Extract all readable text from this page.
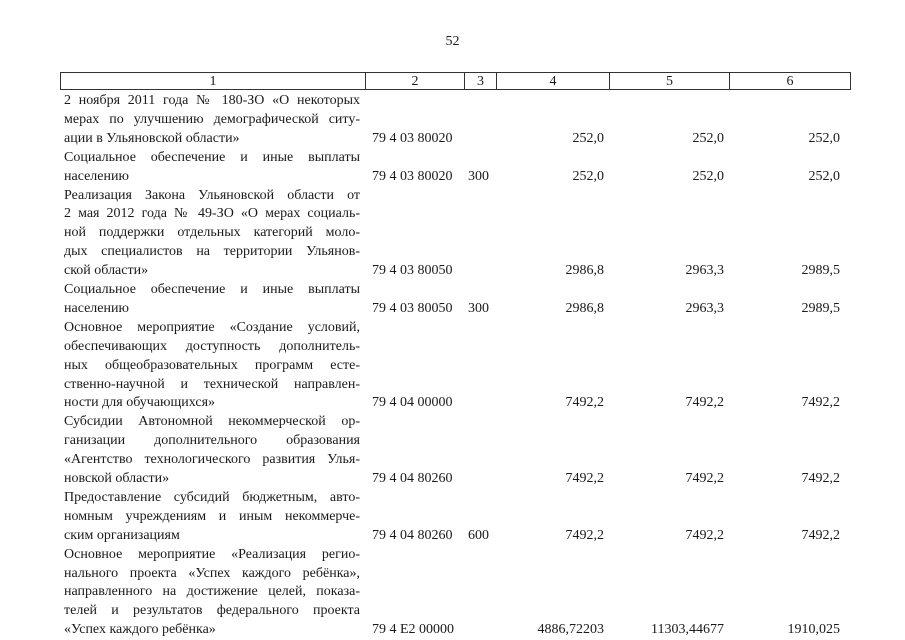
52
1	2	3	4	5	6
2 ноября 2011 года № 180-ЗО «О некоторых
мерах по улучшению демографической ситу-
ации в Ульяновской области»	79 4 03 80020	252,0	252,0	252,0
Социальное обеспечение и иные выплаты
населению	79 4 03 80020 300	252,0	252,0	252,0
Реализация Закона Ульяновской области от
2 мая 2012 года № 49-ЗО «О мерах социаль-
ной поддержки отдельных категорий моло-
дых специалистов на территории Ульянов-
ской области»	79 4 03 80050	2986,8	2963,3	2989,5
Социальное обеспечение и иные выплаты
населению	79 4 03 80050 300	2986,8	2963,3	2989,5
Основное мероприятие «Создание условий,
обеспечивающих доступность дополнитель-
ных общеобразовательных программ есте-
ственно-научной и технической направлен-
ности для обучающихся»	79 4 04 00000	7492,2	7492,2	7492,2
Субсидии Автономной некоммерческой ор-
ганизации дополнительного образования
«Агентство технологического развития Улья-
новской области»	79 4 04 80260	7492,2	7492,2	7492,2
Предоставление субсидий бюджетным, авто-
номным учреждениям и иным некоммерче-
ским организациям	79 4 04 80260 600	7492,2	7492,2	7492,2
Основное мероприятие «Реализация регио-
нального проекта «Успех каждого ребёнка»,
направленного на достижение целей, показа-
телей и результатов федерального проекта
«Успех каждого ребёнка»	79 4 E2 00000	4886,72203	11303,44677	1910,025
